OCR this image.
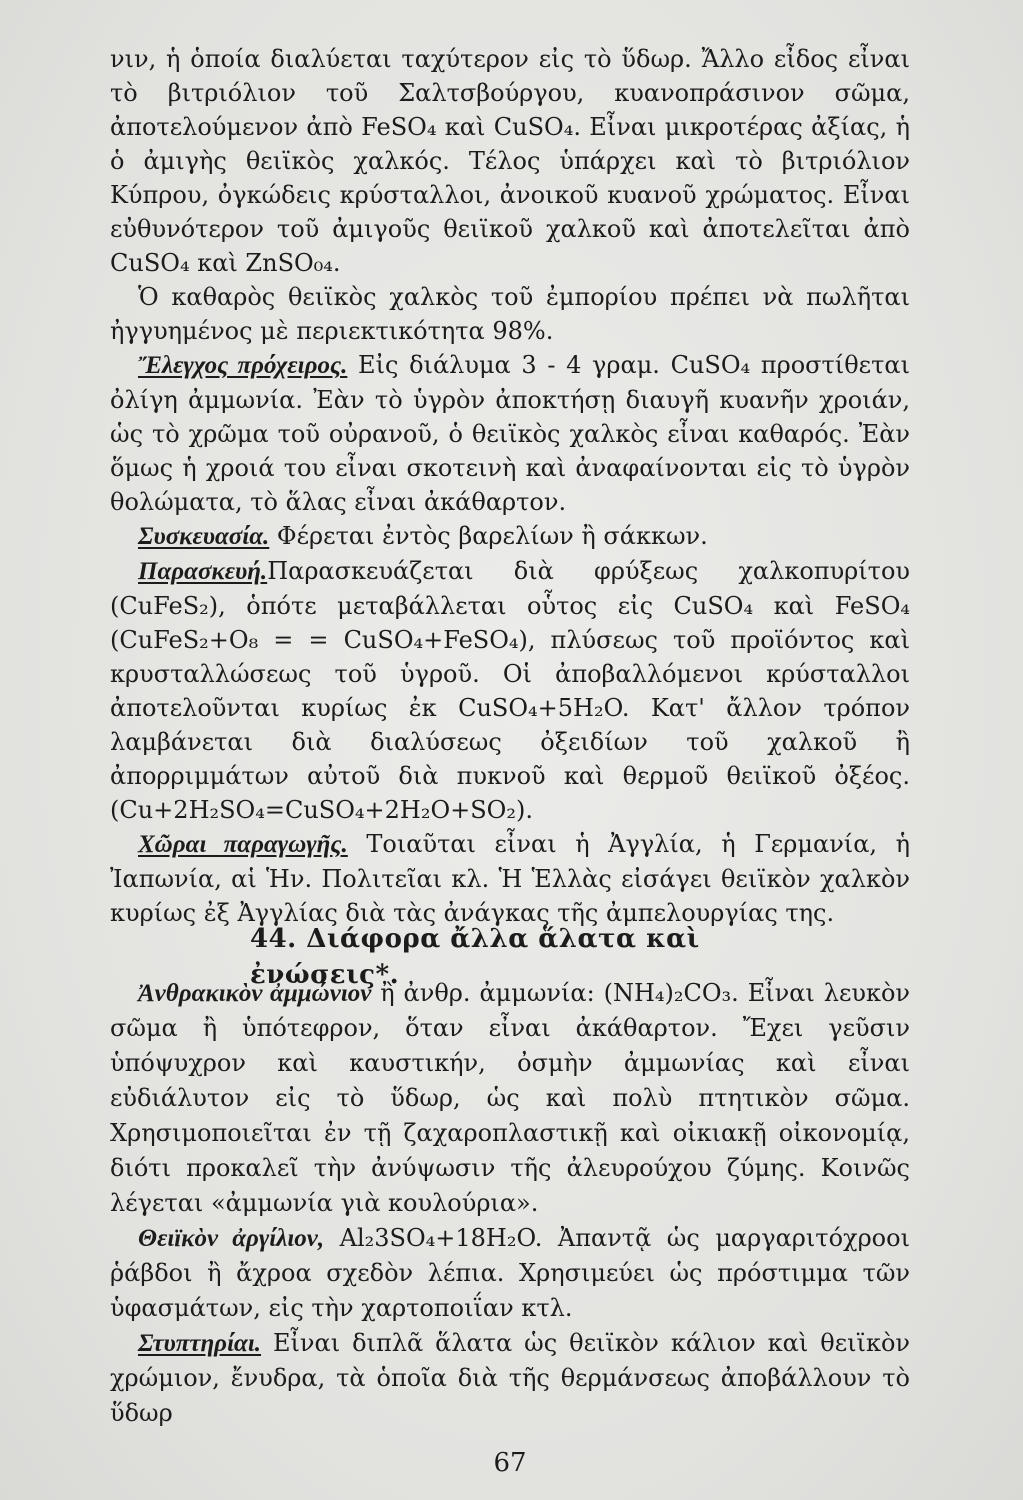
νιν, ἡ ὁποία διαλύεται ταχύτερον εἰς τὸ ὕδωρ. Ἄλλο εἶδος εἶναι τὸ βιτριόλιον τοῦ Σαλτσβούργου, κυανοπράσινον σῶμα, ἀποτελούμενον ἀπὸ FeSO₄ καὶ CuSO₄. Εἶναι μικροτέρας ἀξίας, ἡ ὁ ἀμιγὴς θειϊκὸς χαλκός. Τέλος ὑπάρχει καὶ τὸ βιτριόλιον Κύπρου, ὀγκώδεις κρύσταλλοι, ἀνοικοῦ κυανοῦ χρώματος. Εἶναι εὐθυνότερον τοῦ ἀμιγοῦς θειϊκοῦ χαλκοῦ καὶ ἀποτελεῖται ἀπὸ CuSO₄ καὶ ZnSO₀₄.

Ὁ καθαρὸς θειϊκὸς χαλκὸς τοῦ ἐμπορίου πρέπει νὰ πωλῆται ἠγγυημένος μὲ περιεκτικότητα 98%.

Ἔλεγχος πρόχειρος. Εἰς διάλυμα 3 - 4 γραμ. CuSO₄ προστίθεται ὀλίγη ἀμμωνία. Ἐὰν τὸ ὑγρὸν ἀποκτήσῃ διαυγῆ κυανῆν χροιάν, ὡς τὸ χρῶμα τοῦ οὐρανοῦ, ὁ θειϊκὸς χαλκὸς εἶναι καθαρός. Ἐὰν ὅμως ἡ χροιά του εἶναι σκοτεινὴ καὶ ἀναφαίνονται εἰς τὸ ὑγρὸν θολώματα, τὸ ἅλας εἶναι ἀκάθαρτον.

Συσκευασία. Φέρεται ἐντὸς βαρελίων ἢ σάκκων.

Παρασκευή.Παρασκευάζεται διὰ φρύξεως χαλκοπυρίτου (CuFeS₂), ὁπότε μεταβάλλεται οὗτος εἰς CuSO₄ καὶ FeSO₄ (CuFeS₂+O₈ = = CuSO₄+FeSO₄), πλύσεως τοῦ προϊόντος καὶ κρυσταλλώσεως τοῦ ὑγροῦ. Οἱ ἀποβαλλόμενοι κρύσταλλοι ἀποτελοῦνται κυρίως ἐκ CuSO₄+5H₂O. Κατ' ἄλλον τρόπον λαμβάνεται διὰ διαλύσεως ὀξειδίων τοῦ χαλκοῦ ἢ ἀπορριμμάτων αὐτοῦ διὰ πυκνοῦ καὶ θερμοῦ θειϊκοῦ ὀξέος. (Cu+2H₂SO₄=CuSO₄+2H₂O+SO₂).

Χῶραι παραγωγῆς. Τοιαῦται εἶναι ἡ Ἀγγλία, ἡ Γερμανία, ἡ Ἰαπωνία, αἱ Ἡν. Πολιτεῖαι κλ. Ἡ Ἑλλὰς εἰσάγει θειϊκὸν χαλκὸν κυρίως ἐξ Ἀγγλίας διὰ τὰς ἀνάγκας τῆς ἀμπελουργίας της.

44. Διάφορα ἄλλα ἅλατα καὶ ἐνώσεις*.

Ἀνθρακικὸν ἀμμώνιον ἢ ἀνθρ. ἀμμωνία: (NH₄)₂CO₃. Εἶναι λευκὸν σῶμα ἢ ὑπότεφρον, ὅταν εἶναι ἀκάθαρτον. Ἔχει γεῦσιν ὑπόψυχρον καὶ καυστικήν, ὀσμὴν ἀμμωνίας καὶ εἶναι εὐδιάλυτον εἰς τὸ ὕδωρ, ὡς καὶ πολὺ πτητικὸν σῶμα. Χρησιμοποιεῖται ἐν τῇ ζαχαροπλαστικῇ καὶ οἰκιακῇ οἰκονομίᾳ, διότι προκαλεῖ τὴν ἀνύψωσιν τῆς ἀλευρούχου ζύμης. Κοινῶς λέγεται «ἀμμωνία γιὰ κουλούρια».

Θειϊκὸν ἀργίλιον, Al₂3SO₄+18H₂O. Ἀπαντᾷ ὡς μαργαριτόχροοι ῥάβδοι ἢ ἄχροα σχεδὸν λέπια. Χρησιμεύει ὡς πρόστιμμα τῶν ὑφασμάτων, εἰς τὴν χαρτοποιΐαν κτλ.

Στυπτηρίαι. Εἶναι διπλᾶ ἅλατα ὡς θειϊκὸν κάλιον καὶ θειϊκὸν χρώμιον, ἔνυδρα, τὰ ὁποῖα διὰ τῆς θερμάνσεως ἀποβάλλουν τὸ ὕδωρ

67
